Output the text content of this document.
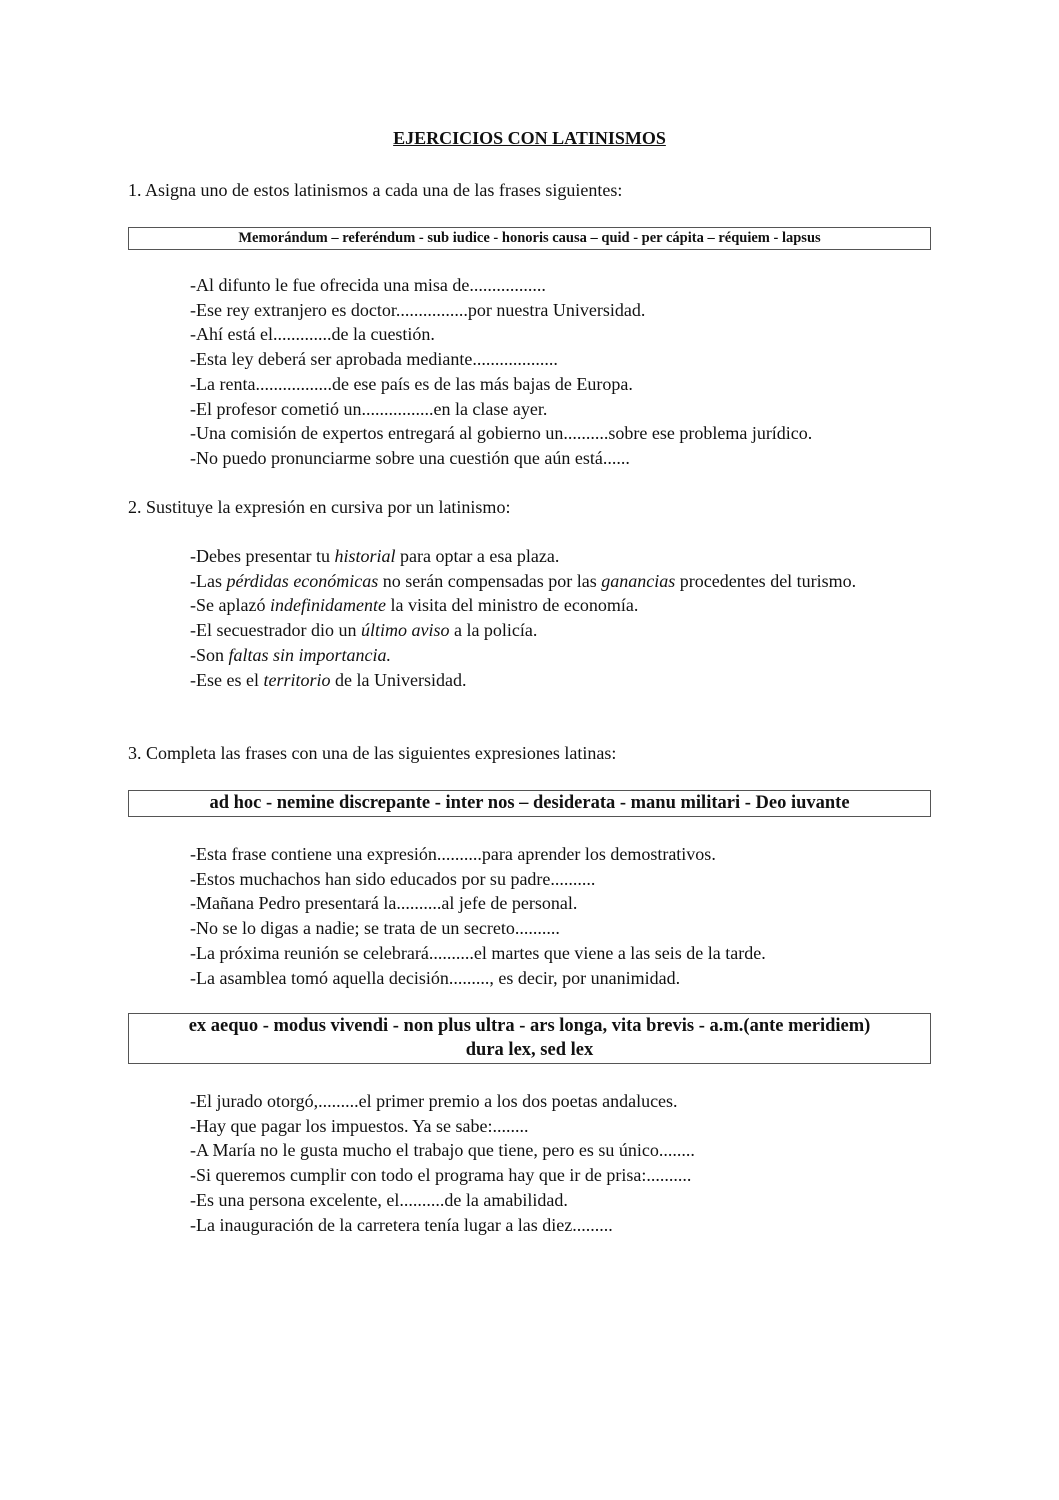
EJERCICIOS CON LATINISMOS
1. Asigna uno de estos latinismos a cada una de las frases siguientes:
Memorándum – referéndum - sub iudice - honoris causa – quid - per cápita – réquiem - lapsus

-Al difunto le fue ofrecida una misa de.................

-Ese rey extranjero es doctor................por nuestra Universidad.

-Ahí está el.............de la cuestión.

-Esta ley deberá ser aprobada mediante...................

-La renta.................de ese país es de las más bajas de Europa.

-El profesor cometió un................en la clase ayer.

-Una comisión de expertos entregará al gobierno un..........sobre ese problema jurídico.

-No puedo pronunciarme sobre una cuestión que aún está......

2. Sustituye la expresión en cursiva por un latinismo:

-Debes presentar tu historial para optar a esa plaza.

-Las pérdidas económicas no serán compensadas por las ganancias procedentes del turismo.

-Se aplazó indefinidamente la visita del ministro de economía.

-El secuestrador dio un último aviso a la policía.

-Son faltas sin importancia.

-Ese es el territorio de la Universidad.

3. Completa las frases con una de las siguientes expresiones latinas:
ad hoc - nemine discrepante - inter nos – desiderata - manu militari - Deo iuvante

-Esta frase contiene una expresión..........para aprender los demostrativos.

-Estos muchachos han sido educados por su padre..........

-Mañana Pedro presentará la..........al jefe de personal.

-No se lo digas a nadie; se trata de un secreto..........

-La próxima reunión se celebrará..........el martes que viene a las seis de la tarde.

-La asamblea tomó aquella decisión........., es decir, por unanimidad.

ex aequo - modus vivendi - non plus ultra - ars longa, vita brevis - a.m.(ante meridiem)
dura lex, sed lex

-El jurado otorgó,.........el primer premio a los dos poetas andaluces.

-Hay que pagar los impuestos. Ya se sabe:........

-A María no le gusta mucho el trabajo que tiene, pero es su único........

-Si queremos cumplir con todo el programa hay que ir de prisa:..........

-Es una persona excelente, el..........de la amabilidad.

-La inauguración de la carretera tenía lugar a las diez.........
